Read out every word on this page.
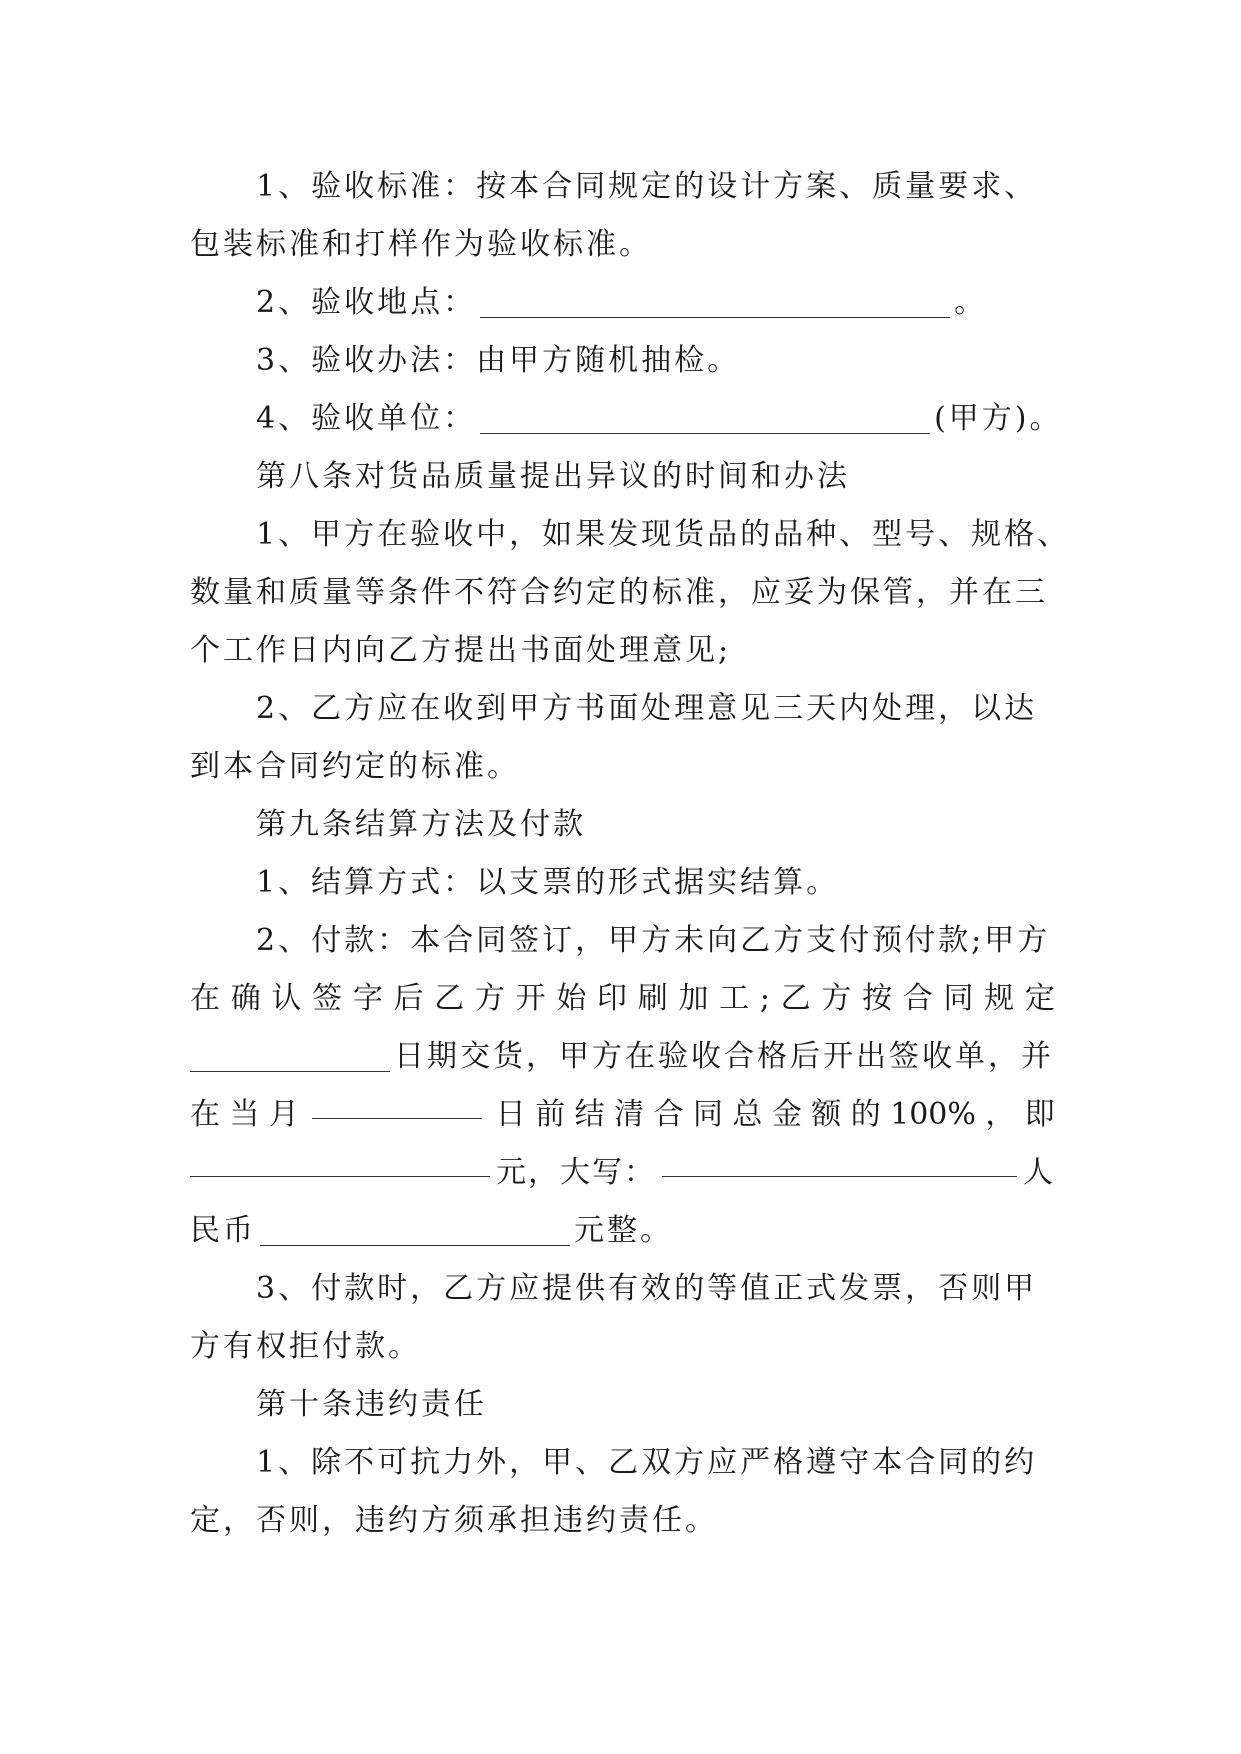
1、验收标准：按本合同规定的设计方案、质量要求、
包装标准和打样作为验收标准。
2、验收地点：	。
3、验收办法：由甲方随机抽检。
4、验收单位：	(甲方)。
第八条对货品质量提出异议的时间和办法
1、甲方在验收中，如果发现货品的品种、型号、规格、
数量和质量等条件不符合约定的标准，应妥为保管，并在三
个工作日内向乙方提出书面处理意见;
2、乙方应在收到甲方书面处理意见三天内处理，以达
到本合同约定的标准。
第九条结算方法及付款
1、结算方式：以支票的形式据实结算。
2、付款：本合同签订，甲方未向乙方支付预付款;甲方
在 确 认 签 字 后 乙 方 开 始 印 刷 加 工 ; 乙 方 按 合 同 规 定
日期交货，甲方在验收合格后开出签收单，并
在 当 月	日 前 结 清 合 同 总 金 额 的 100% ， 即
元，大写：	人
民币	元整。
3、付款时，乙方应提供有效的等值正式发票，否则甲
方有权拒付款。
第十条违约责任
1、除不可抗力外，甲、乙双方应严格遵守本合同的约
定，否则，违约方须承担违约责任。
